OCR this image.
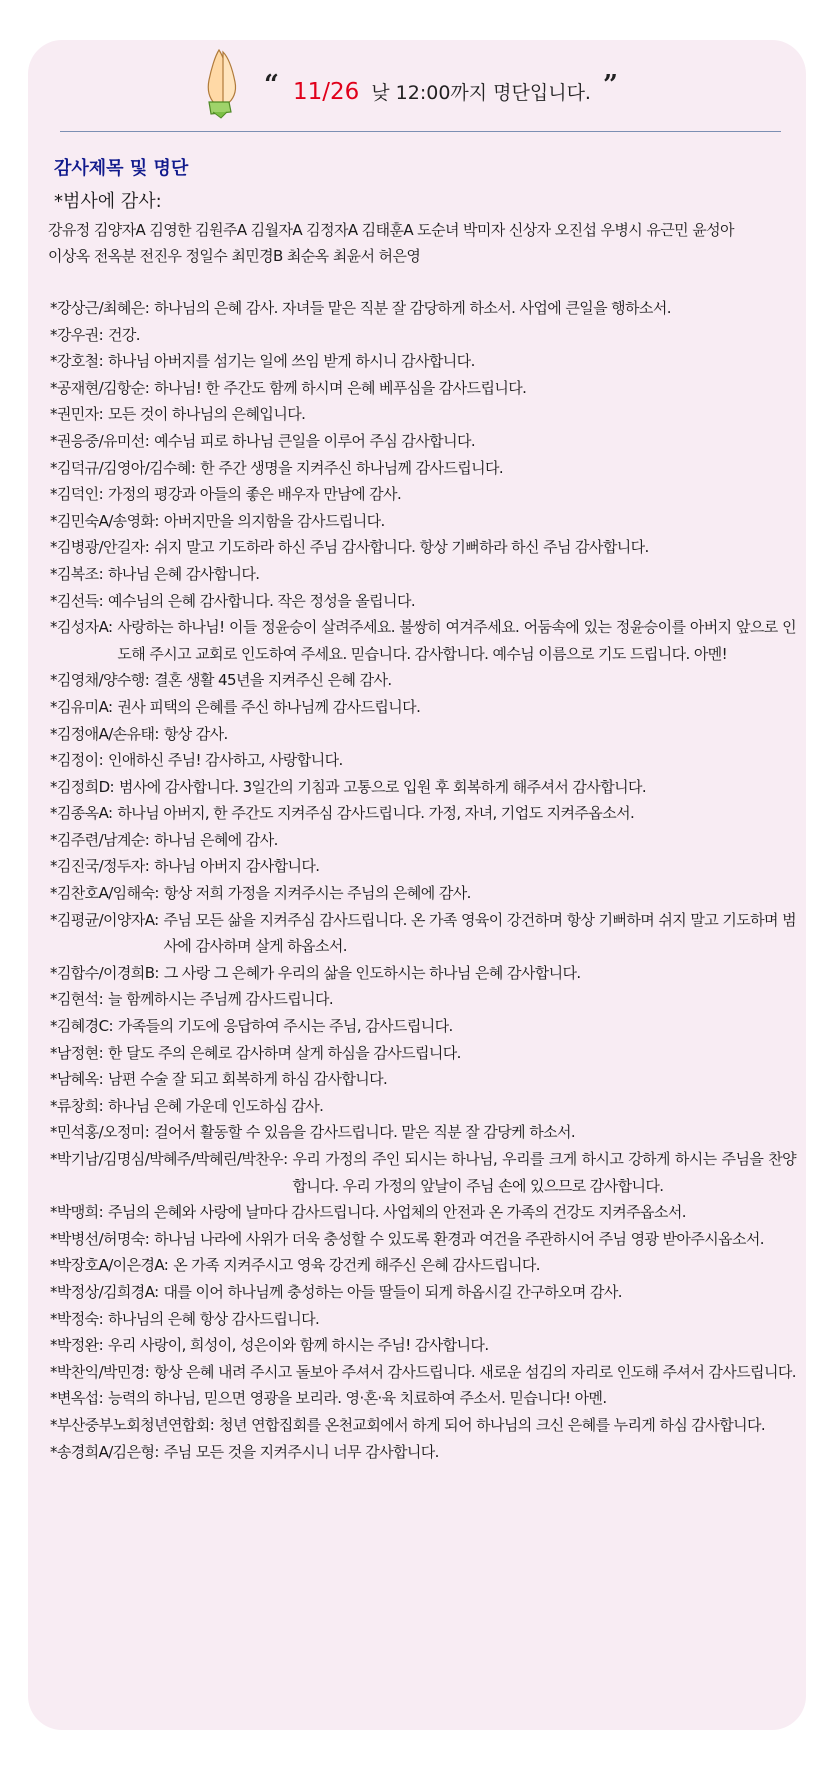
“ 11/26 낮 12:00까지 명단입니다. ”
감사제목 및 명단
*범사에 감사:
강유정 김양자A 김영한 김원주A 김월자A 김정자A 김태훈A 도순녀 박미자 신상자 오진섭 우병시 유근민 윤성아
이상옥 전옥분 전진우 정일수 최민경B 최순옥 최윤서 허은영
*강상근/최혜은: 하나님의 은혜 감사. 자녀들 맡은 직분 잘 감당하게 하소서. 사업에 큰일을 행하소서.
*강우권: 건강.
*강호철: 하나님 아버지를 섬기는 일에 쓰임 받게 하시니 감사합니다.
*공재현/김항순: 하나님! 한 주간도 함께 하시며 은혜 베푸심을 감사드립니다.
*권민자: 모든 것이 하나님의 은혜입니다.
*권응중/유미선: 예수님 피로 하나님 큰일을 이루어 주심 감사합니다.
*김덕규/김영아/김수혜: 한 주간 생명을 지켜주신 하나님께 감사드립니다.
*김덕인: 가정의 평강과 아들의 좋은 배우자 만남에 감사.
*김민숙A/송영화: 아버지만을 의지함을 감사드립니다.
*김병광/안길자: 쉬지 말고 기도하라 하신 주님 감사합니다. 항상 기뻐하라 하신 주님 감사합니다.
*김복조: 하나님 은혜 감사합니다.
*김선득: 예수님의 은혜 감사합니다. 작은 정성을 올립니다.
*김성자A: 사랑하는 하나님! 이들 정윤승이 살려주세요. 불쌍히 여겨주세요. 어둠속에 있는 정윤승이를 아버지 앞으로 인도해 주시고 교회로 인도하여 주세요. 믿습니다. 감사합니다. 예수님 이름으로 기도 드립니다. 아멘!
*김영채/양수행: 결혼 생활 45년을 지켜주신 은혜 감사.
*김유미A: 권사 피택의 은혜를 주신 하나님께 감사드립니다.
*김정애A/손유태: 항상 감사.
*김정이: 인애하신 주님! 감사하고, 사랑합니다.
*김정희D: 범사에 감사합니다. 3일간의 기침과 고통으로 입원 후 회복하게 해주셔서 감사합니다.
*김종옥A: 하나님 아버지, 한 주간도 지켜주심 감사드립니다. 가정, 자녀, 기업도 지켜주옵소서.
*김주련/남계순: 하나님 은혜에 감사.
*김진국/정두자: 하나님 아버지 감사합니다.
*김찬호A/임해숙: 항상 저희 가정을 지켜주시는 주님의 은혜에 감사.
*김평균/이양자A: 주님 모든 삶을 지켜주심 감사드립니다. 온 가족 영육이 강건하며 항상 기뻐하며 쉬지 말고 기도하며 범사에 감사하며 살게 하옵소서.
*김합수/이경희B: 그 사랑 그 은혜가 우리의 삶을 인도하시는 하나님 은혜 감사합니다.
*김현석: 늘 함께하시는 주님께 감사드립니다.
*김혜경C: 가족들의 기도에 응답하여 주시는 주님, 감사드립니다.
*남정현: 한 달도 주의 은혜로 감사하며 살게 하심을 감사드립니다.
*남혜옥: 남편 수술 잘 되고 회복하게 하심 감사합니다.
*류창희: 하나님 은혜 가운데 인도하심 감사.
*민석홍/오정미: 걸어서 활동할 수 있음을 감사드립니다. 맡은 직분 잘 감당케 하소서.
*박기남/김명심/박혜주/박혜린/박찬우: 우리 가정의 주인 되시는 하나님, 우리를 크게 하시고 강하게 하시는 주님을 찬양합니다. 우리 가정의 앞날이 주님 손에 있으므로 감사합니다.
*박맹희: 주님의 은혜와 사랑에 날마다 감사드립니다. 사업체의 안전과 온 가족의 건강도 지켜주옵소서.
*박병선/허명숙: 하나님 나라에 사위가 더욱 충성할 수 있도록 환경과 여건을 주관하시어 주님 영광 받아주시옵소서.
*박장호A/이은경A: 온 가족 지켜주시고 영육 강건케 해주신 은혜 감사드립니다.
*박정상/김희경A: 대를 이어 하나님께 충성하는 아들 딸들이 되게 하옵시길 간구하오며 감사.
*박정숙: 하나님의 은혜 항상 감사드립니다.
*박정완: 우리 사랑이, 희성이, 성은이와 함께 하시는 주님! 감사합니다.
*박찬익/박민경: 항상 은혜 내려 주시고 돌보아 주셔서 감사드립니다. 새로운 섬김의 자리로 인도해 주셔서 감사드립니다.
*변옥섭: 능력의 하나님, 믿으면 영광을 보리라. 영·혼·육 치료하여 주소서. 믿습니다! 아멘.
*부산중부노회청년연합회: 청년 연합집회를 온천교회에서 하게 되어 하나님의 크신 은혜를 누리게 하심 감사합니다.
*송경희A/김은형: 주님 모든 것을 지켜주시니 너무 감사합니다.
